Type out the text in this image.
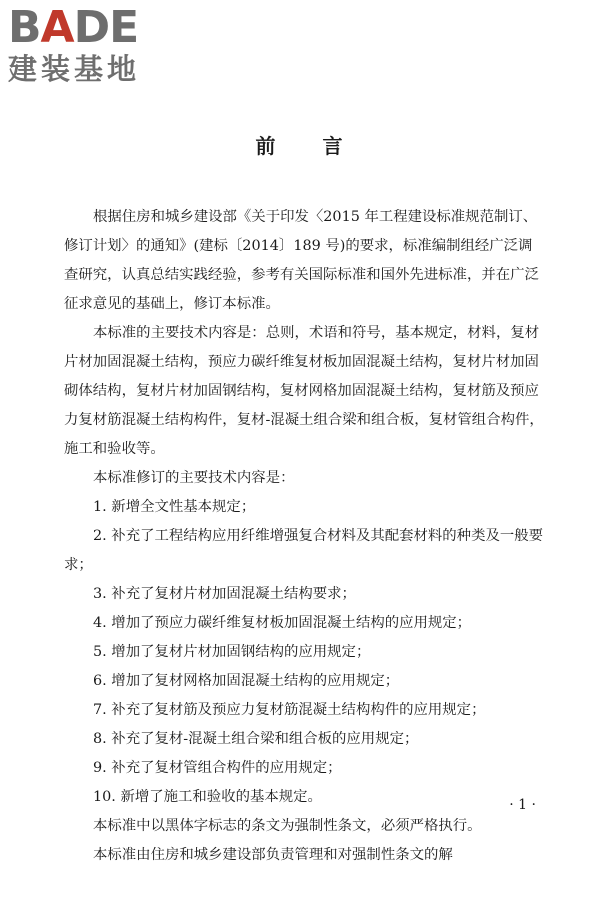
BADE
建装基地
前 言

根据住房和城乡建设部《关于印发〈2015 年工程建设标准规范制订、修订计划〉的通知》(建标〔2014〕189 号)的要求，标准编制组经广泛调查研究，认真总结实践经验，参考有关国际标准和国外先进标准，并在广泛征求意见的基础上，修订本标准。

本标准的主要技术内容是：总则，术语和符号，基本规定，材料，复材片材加固混凝土结构，预应力碳纤维复材板加固混凝土结构，复材片材加固砌体结构，复材片材加固钢结构，复材网格加固混凝土结构，复材筋及预应力复材筋混凝土结构构件，复材-混凝土组合梁和组合板，复材管组合构件，施工和验收等。

本标准修订的主要技术内容是：

1. 新增全文性基本规定；

2. 补充了工程结构应用纤维增强复合材料及其配套材料的种类及一般要求；

3. 补充了复材片材加固混凝土结构要求；

4. 增加了预应力碳纤维复材板加固混凝土结构的应用规定；

5. 增加了复材片材加固钢结构的应用规定；

6. 增加了复材网格加固混凝土结构的应用规定；

7. 补充了复材筋及预应力复材筋混凝土结构构件的应用规定；

8. 补充了复材-混凝土组合梁和组合板的应用规定；

9. 补充了复材管组合构件的应用规定；

10. 新增了施工和验收的基本规定。

本标准中以黑体字标志的条文为强制性条文，必须严格执行。

本标准由住房和城乡建设部负责管理和对强制性条文的解

· 1 ·
